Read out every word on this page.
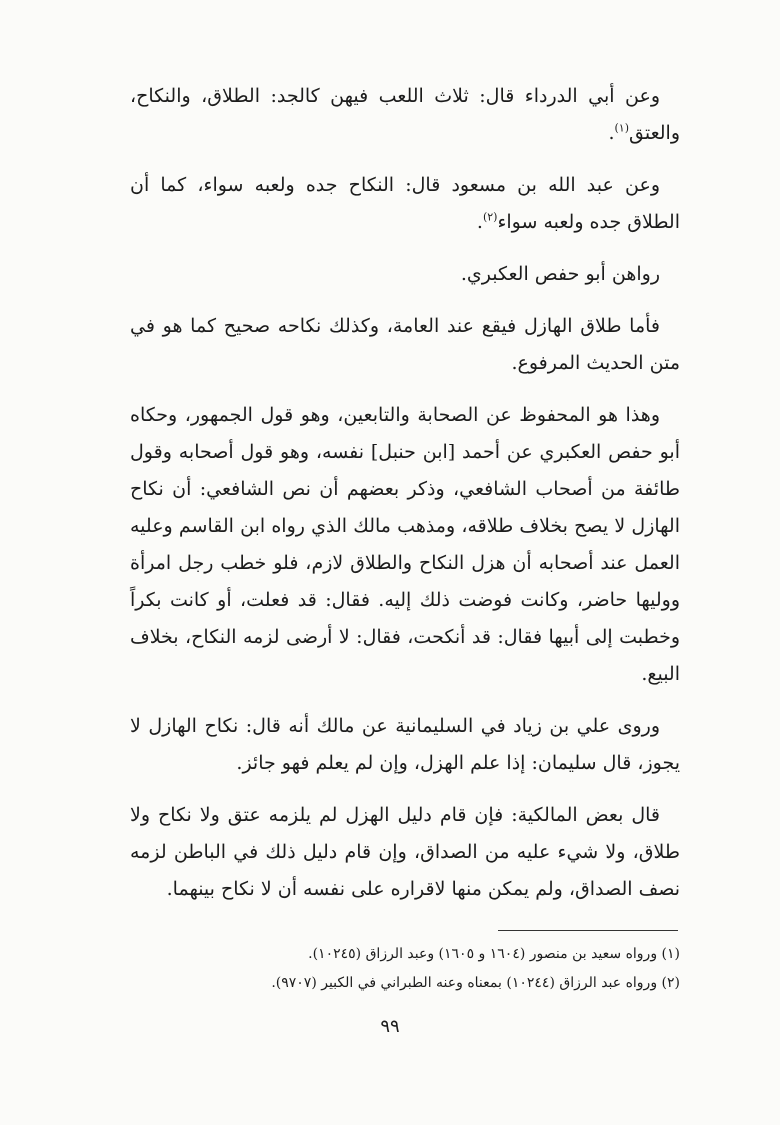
وعن أبي الدرداء قال: ثلاث اللعب فيهن كالجد: الطلاق، والنكاح، والعتق$^{(١)}$.

وعن عبد الله بن مسعود قال: النكاح جده ولعبه سواء، كما أن الطلاق جده ولعبه سواء$^{(٢)}$.

رواهن أبو حفص العكبري.

فأما طلاق الهازل فيقع عند العامة، وكذلك نكاحه صحيح كما هو في متن الحديث المرفوع.

وهذا هو المحفوظ عن الصحابة والتابعين، وهو قول الجمهور، وحكاه أبو حفص العكبري عن أحمد [ابن حنبل] نفسه، وهو قول أصحابه وقول طائفة من أصحاب الشافعي، وذكر بعضهم أن نص الشافعي: أن نكاح الهازل لا يصح بخلاف طلاقه، ومذهب مالك الذي رواه ابن القاسم وعليه العمل عند أصحابه أن هزل النكاح والطلاق لازم، فلو خطب رجل امرأة ووليها حاضر، وكانت فوضت ذلك إليه. فقال: قد فعلت، أو كانت بكراً وخطبت إلى أبيها فقال: قد أنكحت، فقال: لا أرضى لزمه النكاح، بخلاف البيع.

وروى علي بن زياد في السليمانية عن مالك أنه قال: نكاح الهازل لا يجوز، قال سليمان: إذا علم الهزل، وإن لم يعلم فهو جائز.

قال بعض المالكية: فإن قام دليل الهزل لم يلزمه عتق ولا نكاح ولا طلاق، ولا شيء عليه من الصداق، وإن قام دليل ذلك في الباطن لزمه نصف الصداق، ولم يمكن منها لاقراره على نفسه أن لا نكاح بينهما.

(١) ورواه سعيد بن منصور (١٦٠٤ و ١٦٠٥) وعبد الرزاق (١٠٢٤٥).

(٢) ورواه عبد الرزاق (١٠٢٤٤) بمعناه وعنه الطبراني في الكبير (٩٧٠٧).

٩٩
